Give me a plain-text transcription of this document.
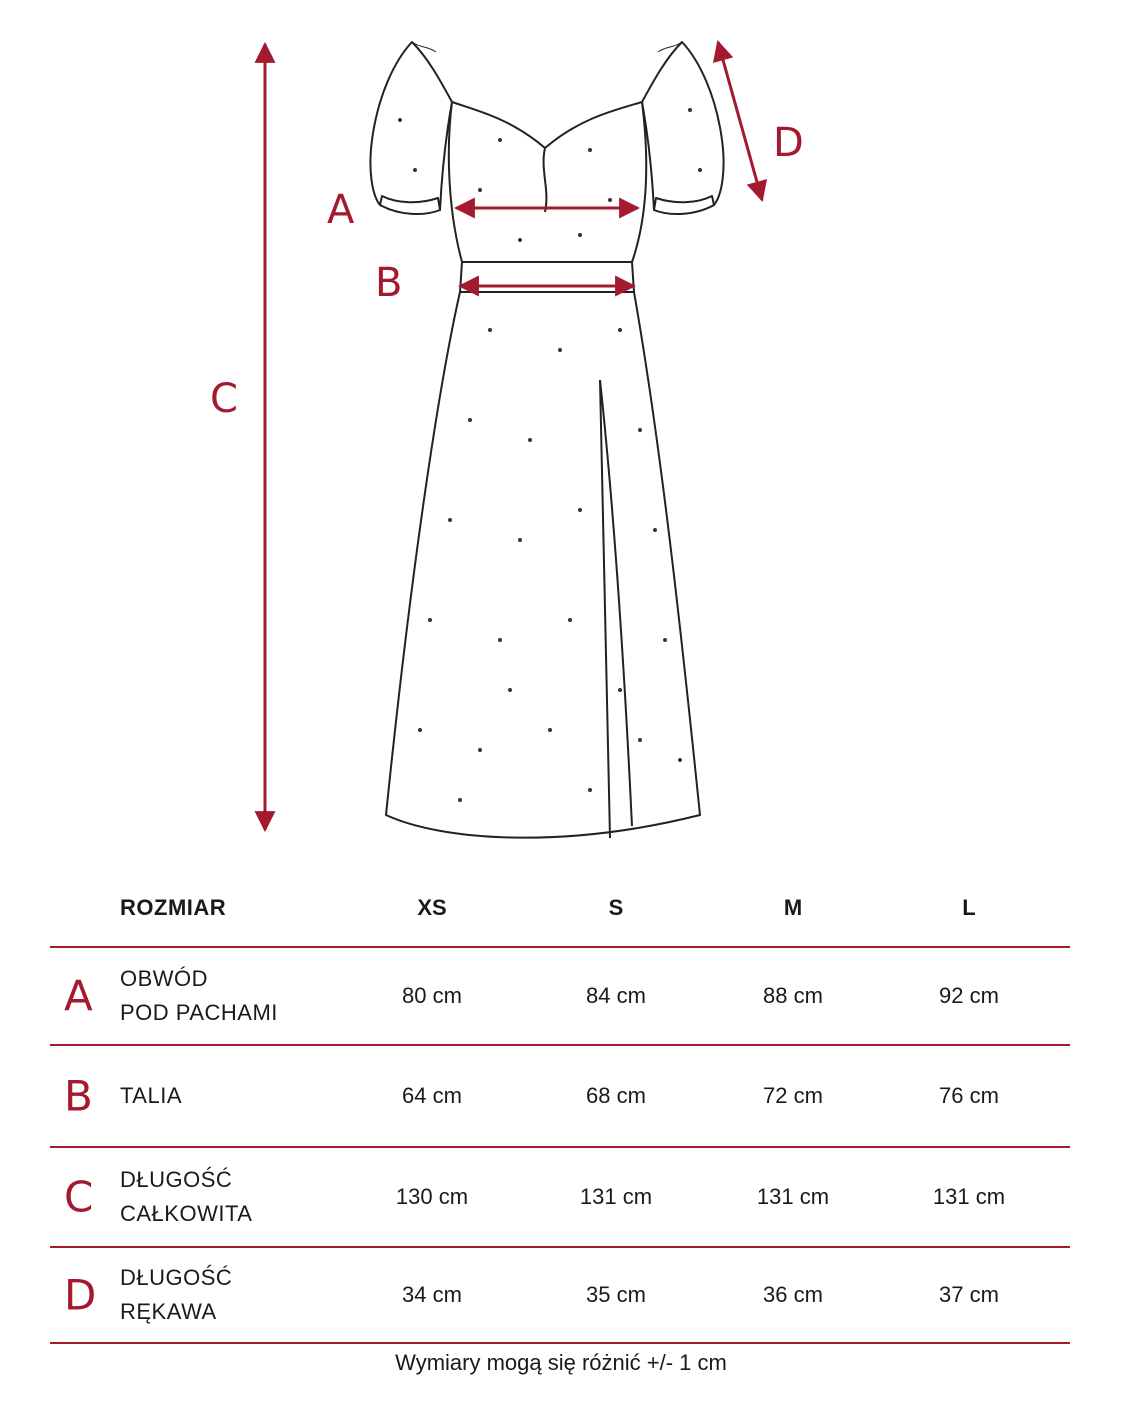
A
B
C
D
ROZMIAR	XS	S	M	L
A OBWÓD
POD PACHAMI
80 cm	84 cm	88 cm	92 cm
B TALIA	64 cm	68 cm	72 cm	76 cm
C DŁUGOŚĆ
CAŁKOWITA
130 cm	131 cm	131 cm	131 cm
D DŁUGOŚĆ
RĘKAWA
34 cm	35 cm	36 cm	37 cm
Wymiary mogą się różnić +/- 1 cm
